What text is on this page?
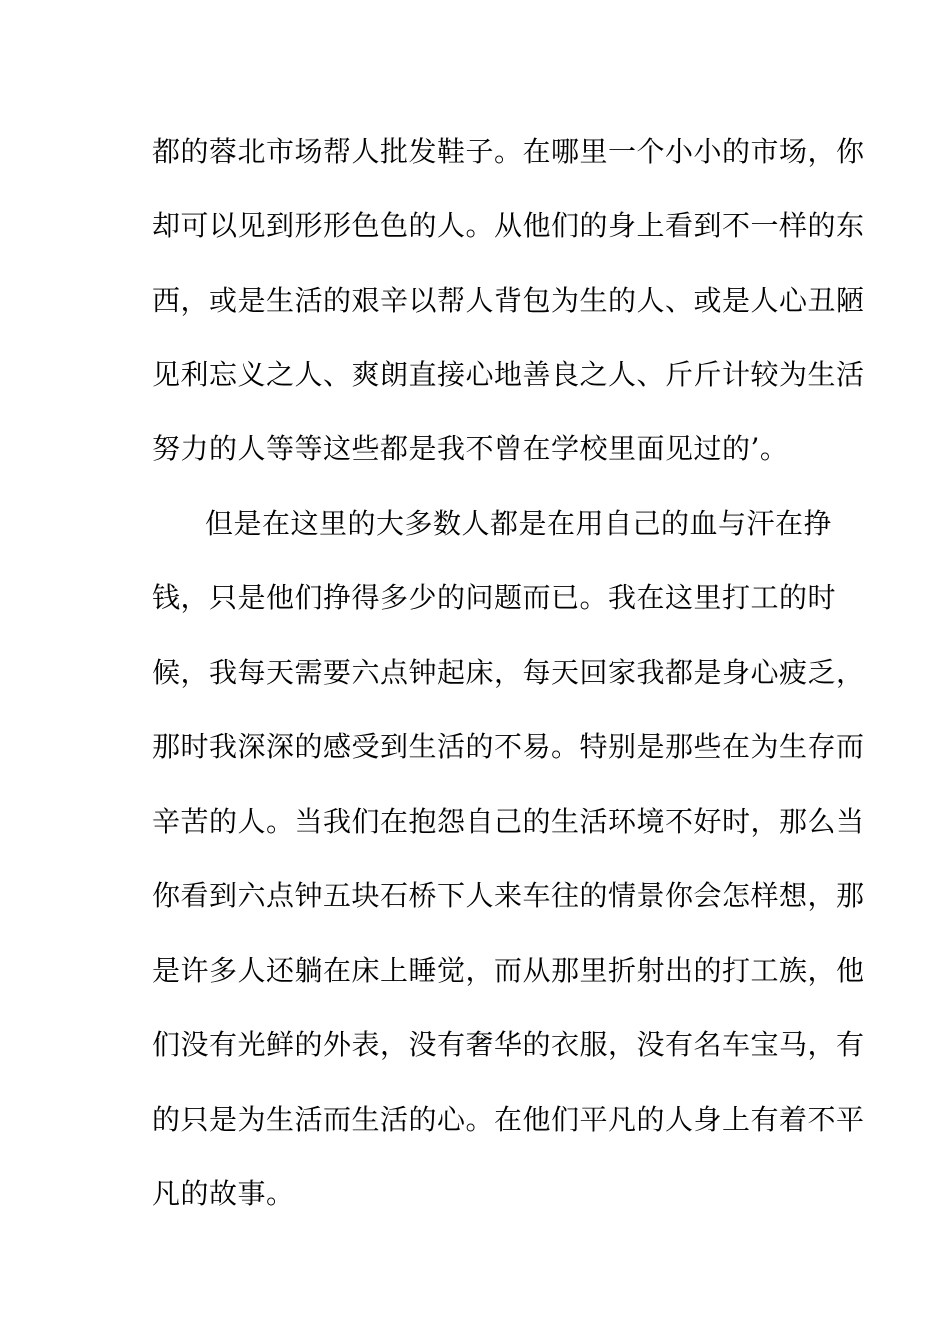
都的蓉北市场帮人批发鞋子。在哪里一个小小的市场，你
却可以见到形形色色的人。从他们的身上看到不一样的东
西，或是生活的艰辛以帮人背包为生的人、或是人心丑陋
见利忘义之人、爽朗直接心地善良之人、斤斤计较为生活
努力的人等等这些都是我不曾在学校里面见过的’。
但是在这里的大多数人都是在用自己的血与汗在挣
钱，只是他们挣得多少的问题而已。我在这里打工的时
候，我每天需要六点钟起床，每天回家我都是身心疲乏，
那时我深深的感受到生活的不易。特别是那些在为生存而
辛苦的人。当我们在抱怨自己的生活环境不好时，那么当
你看到六点钟五块石桥下人来车往的情景你会怎样想，那
是许多人还躺在床上睡觉，而从那里折射出的打工族，他
们没有光鲜的外表，没有奢华的衣服，没有名车宝马，有
的只是为生活而生活的心。在他们平凡的人身上有着不平
凡的故事。
